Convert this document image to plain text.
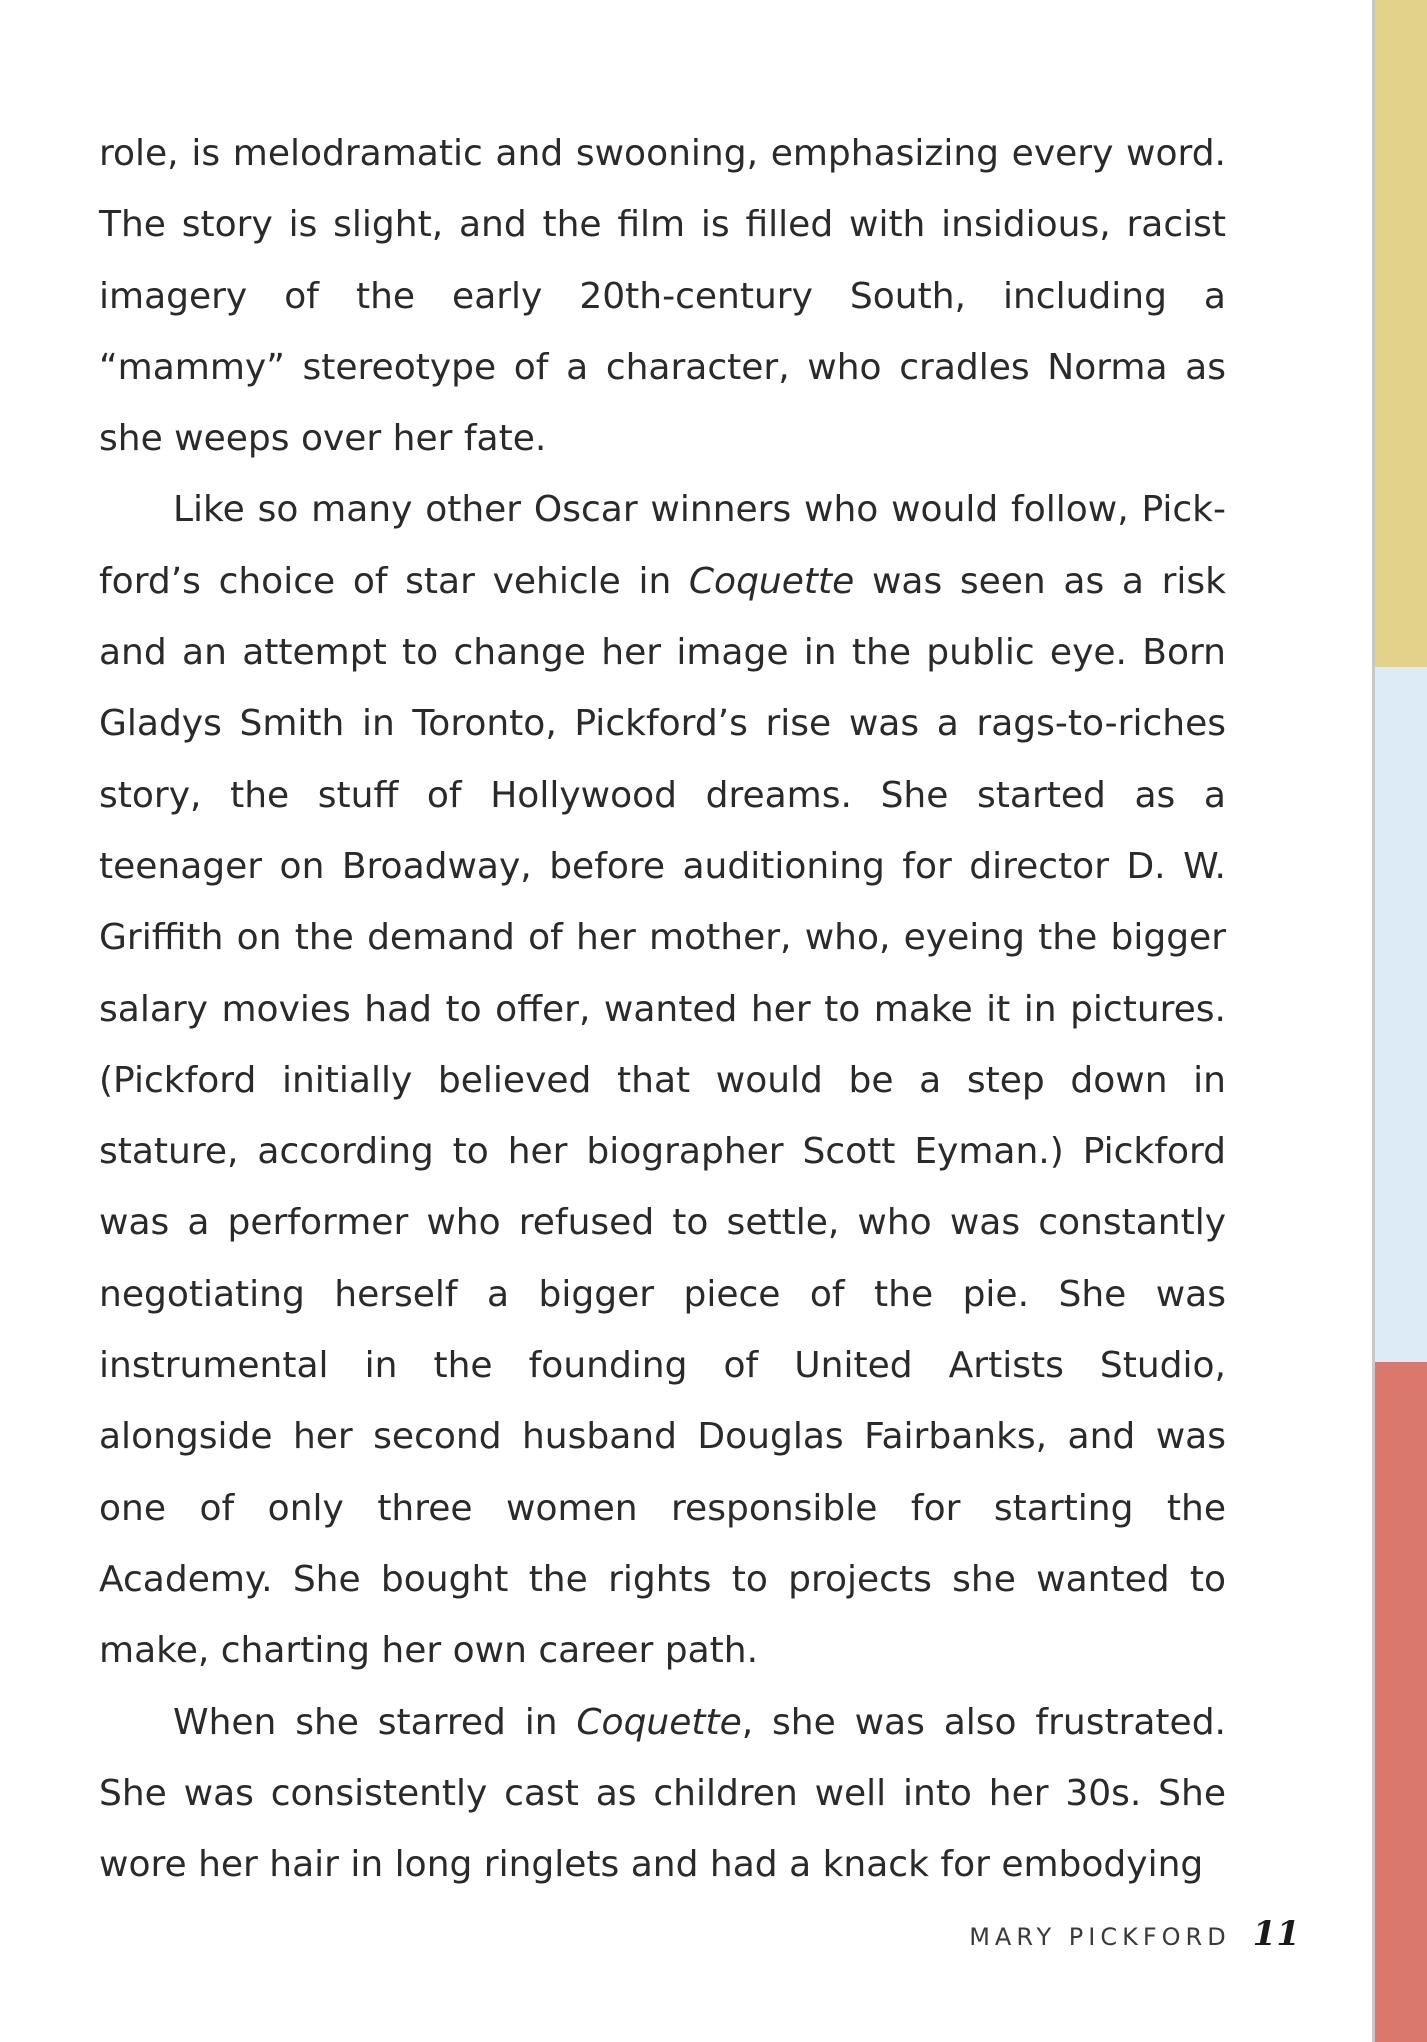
role, is melodramatic and swooning, emphasizing every word. The story is slight, and the film is filled with insidious, racist imagery of the early 20th-century South, including a “mammy” stereotype of a character, who cradles Norma as she weeps over her fate.

Like so many other Oscar winners who would follow, Pickford’s choice of star vehicle in Coquette was seen as a risk and an attempt to change her image in the public eye. Born Gladys Smith in Toronto, Pickford’s rise was a rags-to-riches story, the stuff of Hollywood dreams. She started as a teenager on Broadway, before auditioning for director D. W. Griffith on the demand of her mother, who, eyeing the bigger salary movies had to offer, wanted her to make it in pictures. (Pickford initially believed that would be a step down in stature, according to her biographer Scott Eyman.) Pickford was a performer who refused to settle, who was constantly negotiating herself a bigger piece of the pie. She was instrumental in the founding of United Artists Studio, alongside her second husband Douglas Fairbanks, and was one of only three women responsible for starting the Academy. She bought the rights to projects she wanted to make, charting her own career path.

When she starred in Coquette, she was also frustrated. She was consistently cast as children well into her 30s. She wore her hair in long ringlets and had a knack for embodying

MARY PICKFORD 11
